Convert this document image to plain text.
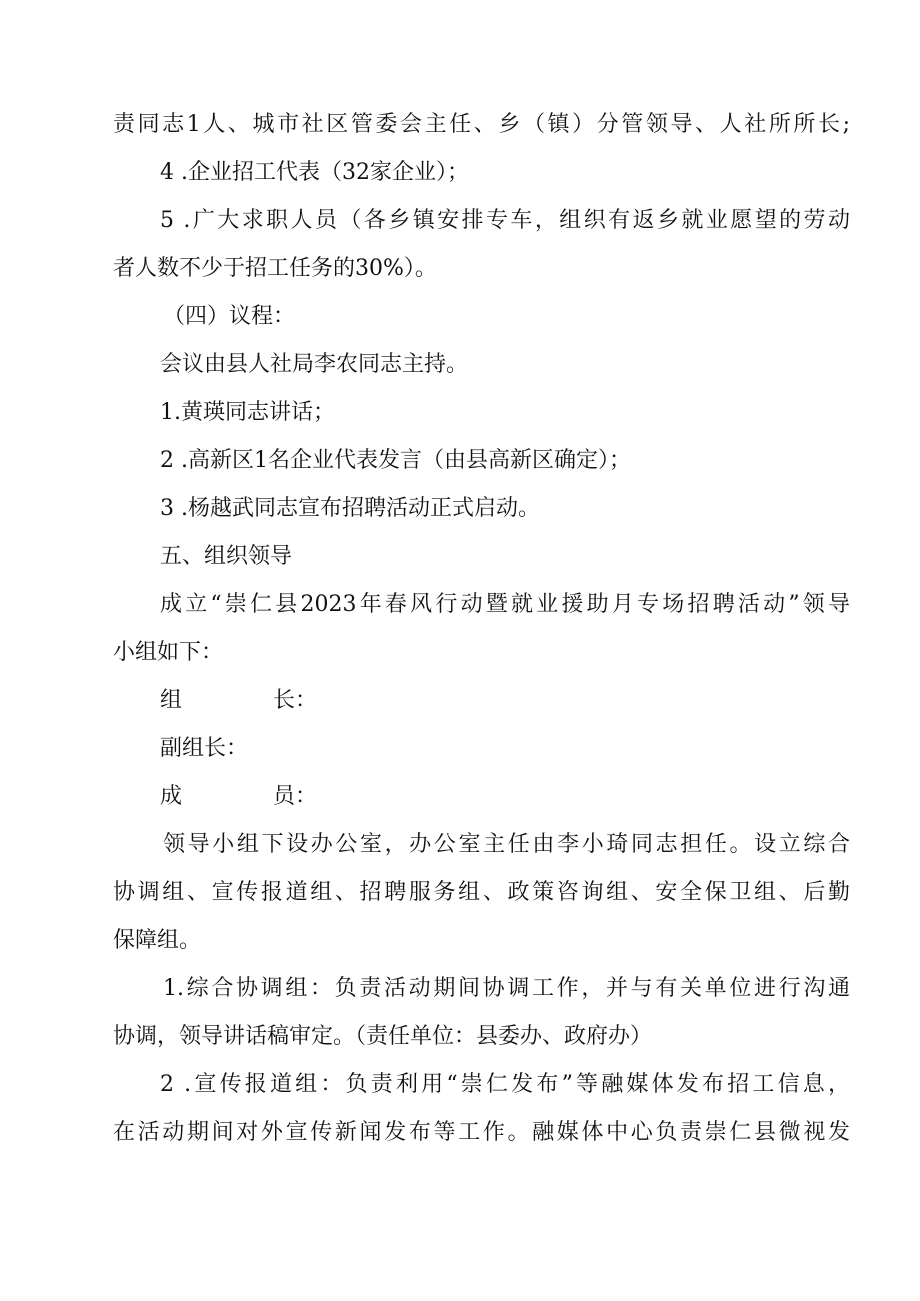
责同志1人、城市社区管委会主任、乡（镇）分管领导、人社所所长;
4 .企业招工代表（32家企业）；
5 .广大求职人员（各乡镇安排专车，组织有返乡就业愿望的劳动
者人数不少于招工任务的30%）。
（四）议程：
会议由县人社局李农同志主持。
1.黄瑛同志讲话；
2 .高新区1名企业代表发言（由县高新区确定）；
3 .杨越武同志宣布招聘活动正式启动。
五、组织领导
成立“崇仁县2023年春风行动暨就业援助月专场招聘活动”领导
小组如下：
组	长：
副组长：
成	员：
领导小组下设办公室，办公室主任由李小琦同志担任。设立综合
协调组、宣传报道组、招聘服务组、政策咨询组、安全保卫组、后勤
保障组。
1.综合协调组：负责活动期间协调工作，并与有关单位进行沟通
协调，领导讲话稿审定。（责任单位：县委办、政府办）
2 .宣传报道组：负责利用“崇仁发布”等融媒体发布招工信息，
在活动期间对外宣传新闻发布等工作。融媒体中心负责崇仁县微视发
